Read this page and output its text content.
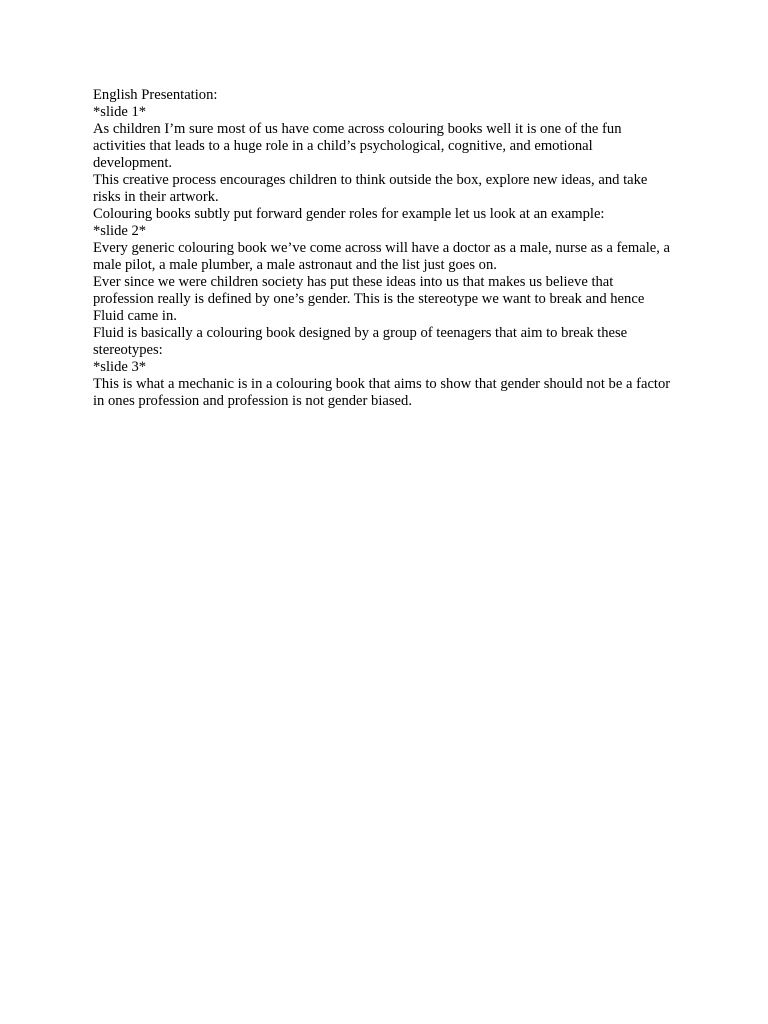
English Presentation:

*slide 1*

As children I’m sure most of us have come across colouring books well it is one of the fun activities that leads to a huge role in a child’s psychological, cognitive, and emotional development.

This creative process encourages children to think outside the box, explore new ideas, and take risks in their artwork.

Colouring books subtly put forward gender roles for example let us look at an example:

*slide 2*

Every generic colouring book we’ve come across will have a doctor as a male, nurse as a female, a male pilot, a male plumber, a male astronaut and the list just goes on.

Ever since we were children society has put these ideas into us that makes us believe that profession really is defined by one’s gender. This is the stereotype we want to break and hence Fluid came in.

Fluid is basically a colouring book designed by a group of teenagers that aim to break these stereotypes:

*slide 3*

This is what a mechanic is in a colouring book that aims to show that gender should not be a factor in ones profession and profession is not gender biased.
